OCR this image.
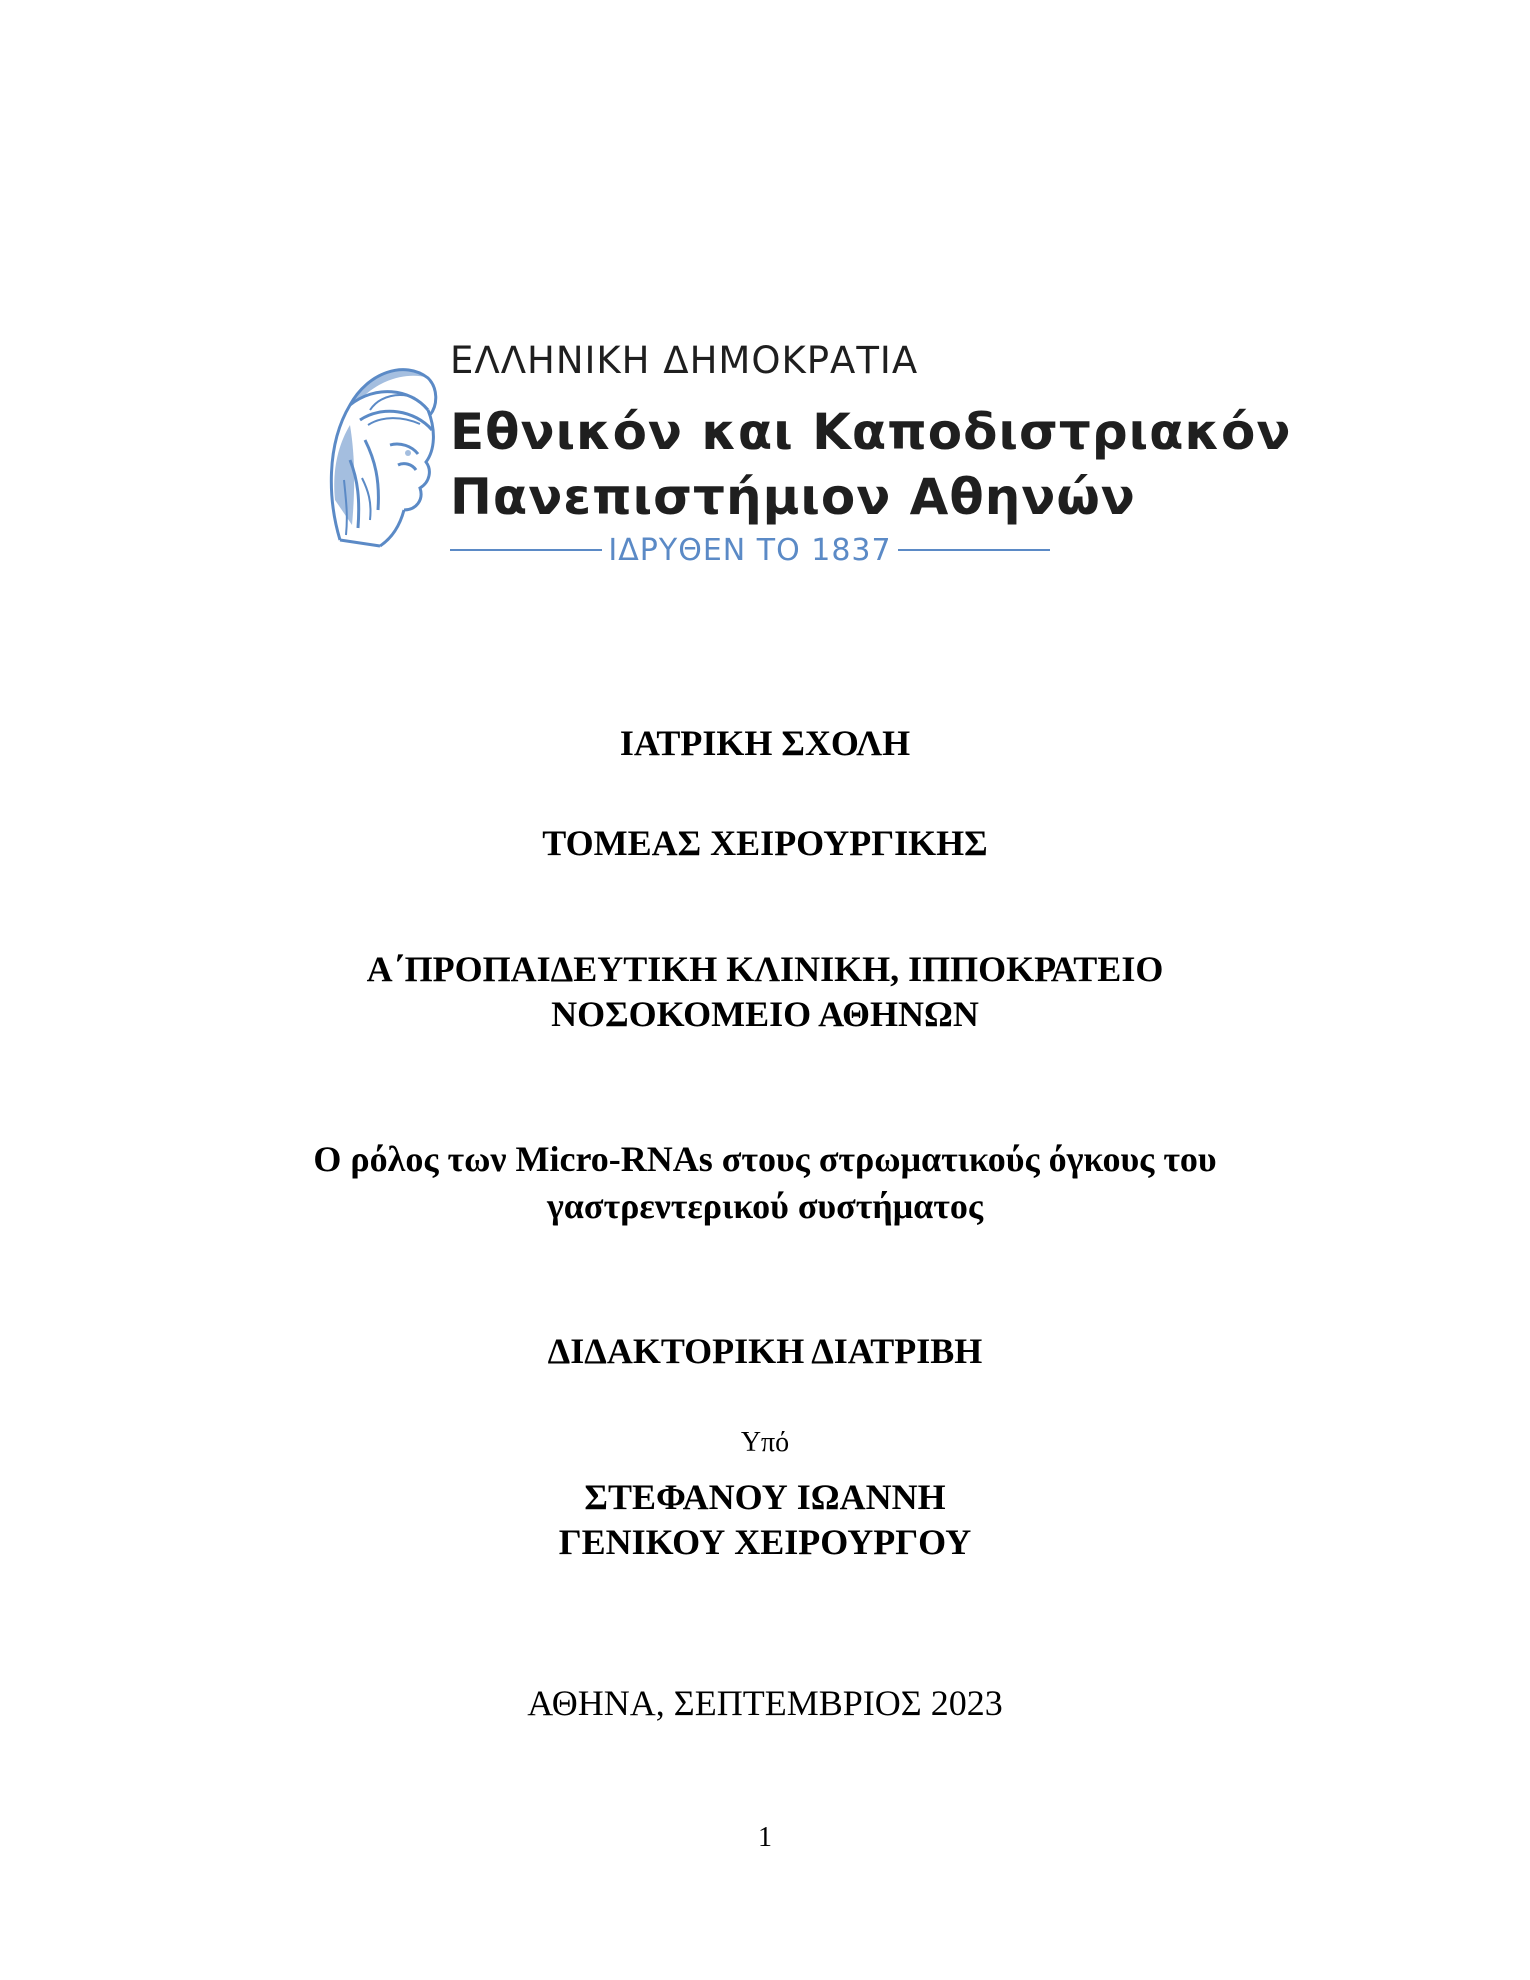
ΕΛΛΗΝΙΚΗ ΔΗΜΟΚΡΑΤΙΑ
Εθνικόν και Καποδιστριακόν
Πανεπιστήμιον Αθηνών
ΙΔΡΥΘΕΝ ΤΟ 1837
ΙΑΤΡΙΚΗ ΣΧΟΛΗ
ΤΟΜΕΑΣ ΧΕΙΡΟΥΡΓΙΚΗΣ
Α΄ΠΡΟΠΑΙΔΕΥΤΙΚΗ ΚΛΙΝΙΚΗ, ΙΠΠΟΚΡΑΤΕΙΟ
ΝΟΣΟΚΟΜΕΙΟ ΑΘΗΝΩΝ
Ο ρόλος των Micro-RNAs στους στρωματικούς όγκους του
γαστρεντερικού συστήματος
ΔΙΔΑΚΤΟΡΙΚΗ ΔΙΑΤΡΙΒΗ
Υπό
ΣΤΕΦΑΝΟΥ ΙΩΑΝΝΗ
ΓΕΝΙΚΟΥ ΧΕΙΡΟΥΡΓΟΥ
ΑΘΗΝΑ, ΣΕΠΤΕΜΒΡΙΟΣ 2023
1
